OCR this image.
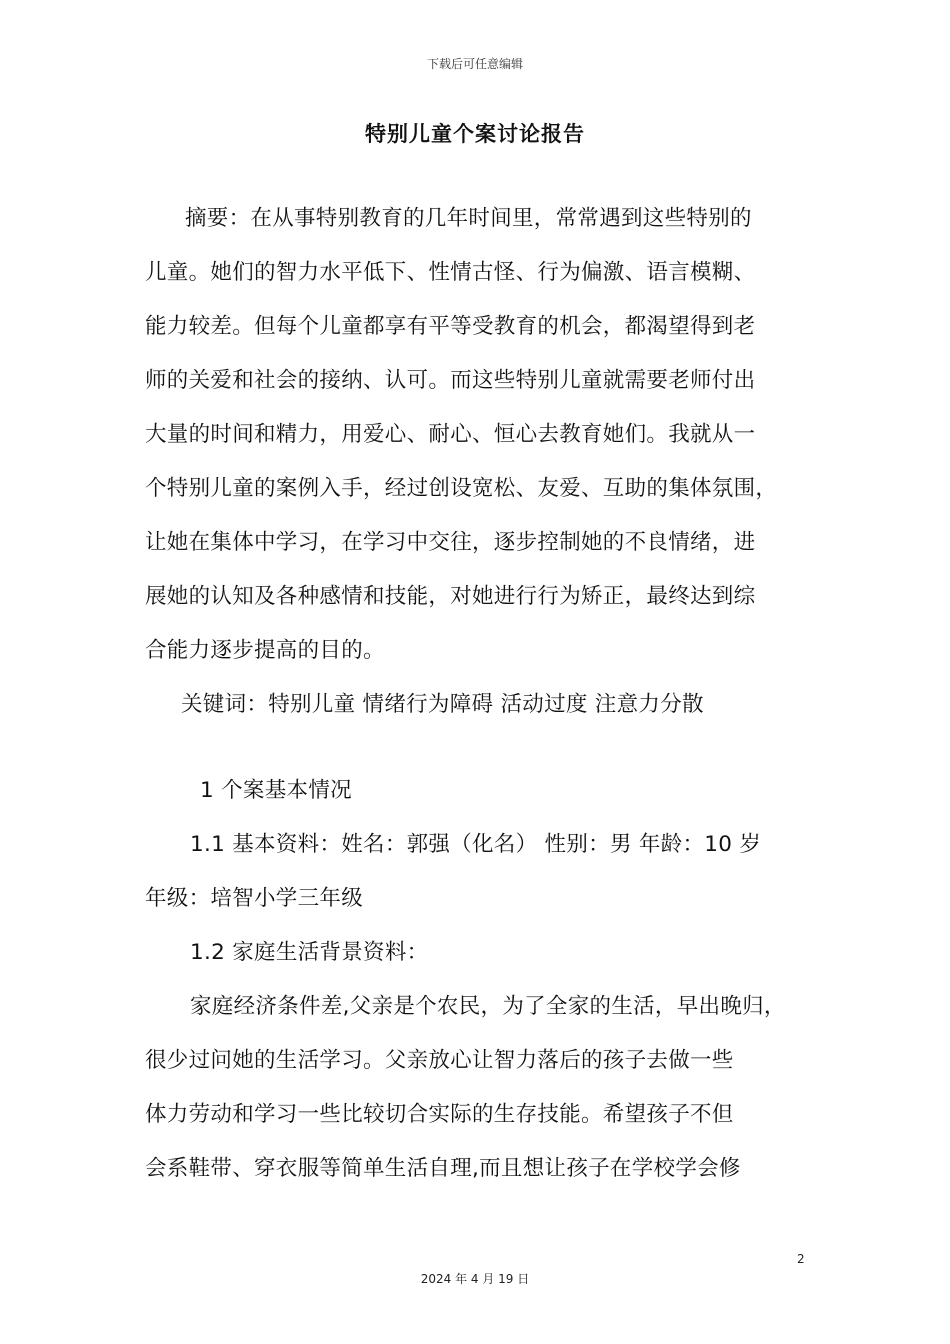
下载后可任意编辑
特别儿童个案讨论报告
摘要：在从事特别教育的几年时间里，常常遇到这些特别的
儿童。她们的智力水平低下、性情古怪、行为偏激、语言模糊、
能力较差。但每个儿童都享有平等受教育的机会，都渴望得到老
师的关爱和社会的接纳、认可。而这些特别儿童就需要老师付出
大量的时间和精力，用爱心、耐心、恒心去教育她们。我就从一
个特别儿童的案例入手，经过创设宽松、友爱、互助的集体氛围，
让她在集体中学习，在学习中交往，逐步控制她的不良情绪，进
展她的认知及各种感情和技能，对她进行行为矫正，最终达到综
合能力逐步提高的目的。
关键词：特别儿童 情绪行为障碍 活动过度 注意力分散
1 个案基本情况
1.1 基本资料：姓名：郭强（化名） 性别：男 年龄：10 岁
年级：培智小学三年级
1.2 家庭生活背景资料：
家庭经济条件差,父亲是个农民，为了全家的生活，早出晚归，
很少过问她的生活学习。父亲放心让智力落后的孩子去做一些
体力劳动和学习一些比较切合实际的生存技能。希望孩子不但
会系鞋带、穿衣服等简单生活自理,而且想让孩子在学校学会修
2
2024 年 4 月 19 日
